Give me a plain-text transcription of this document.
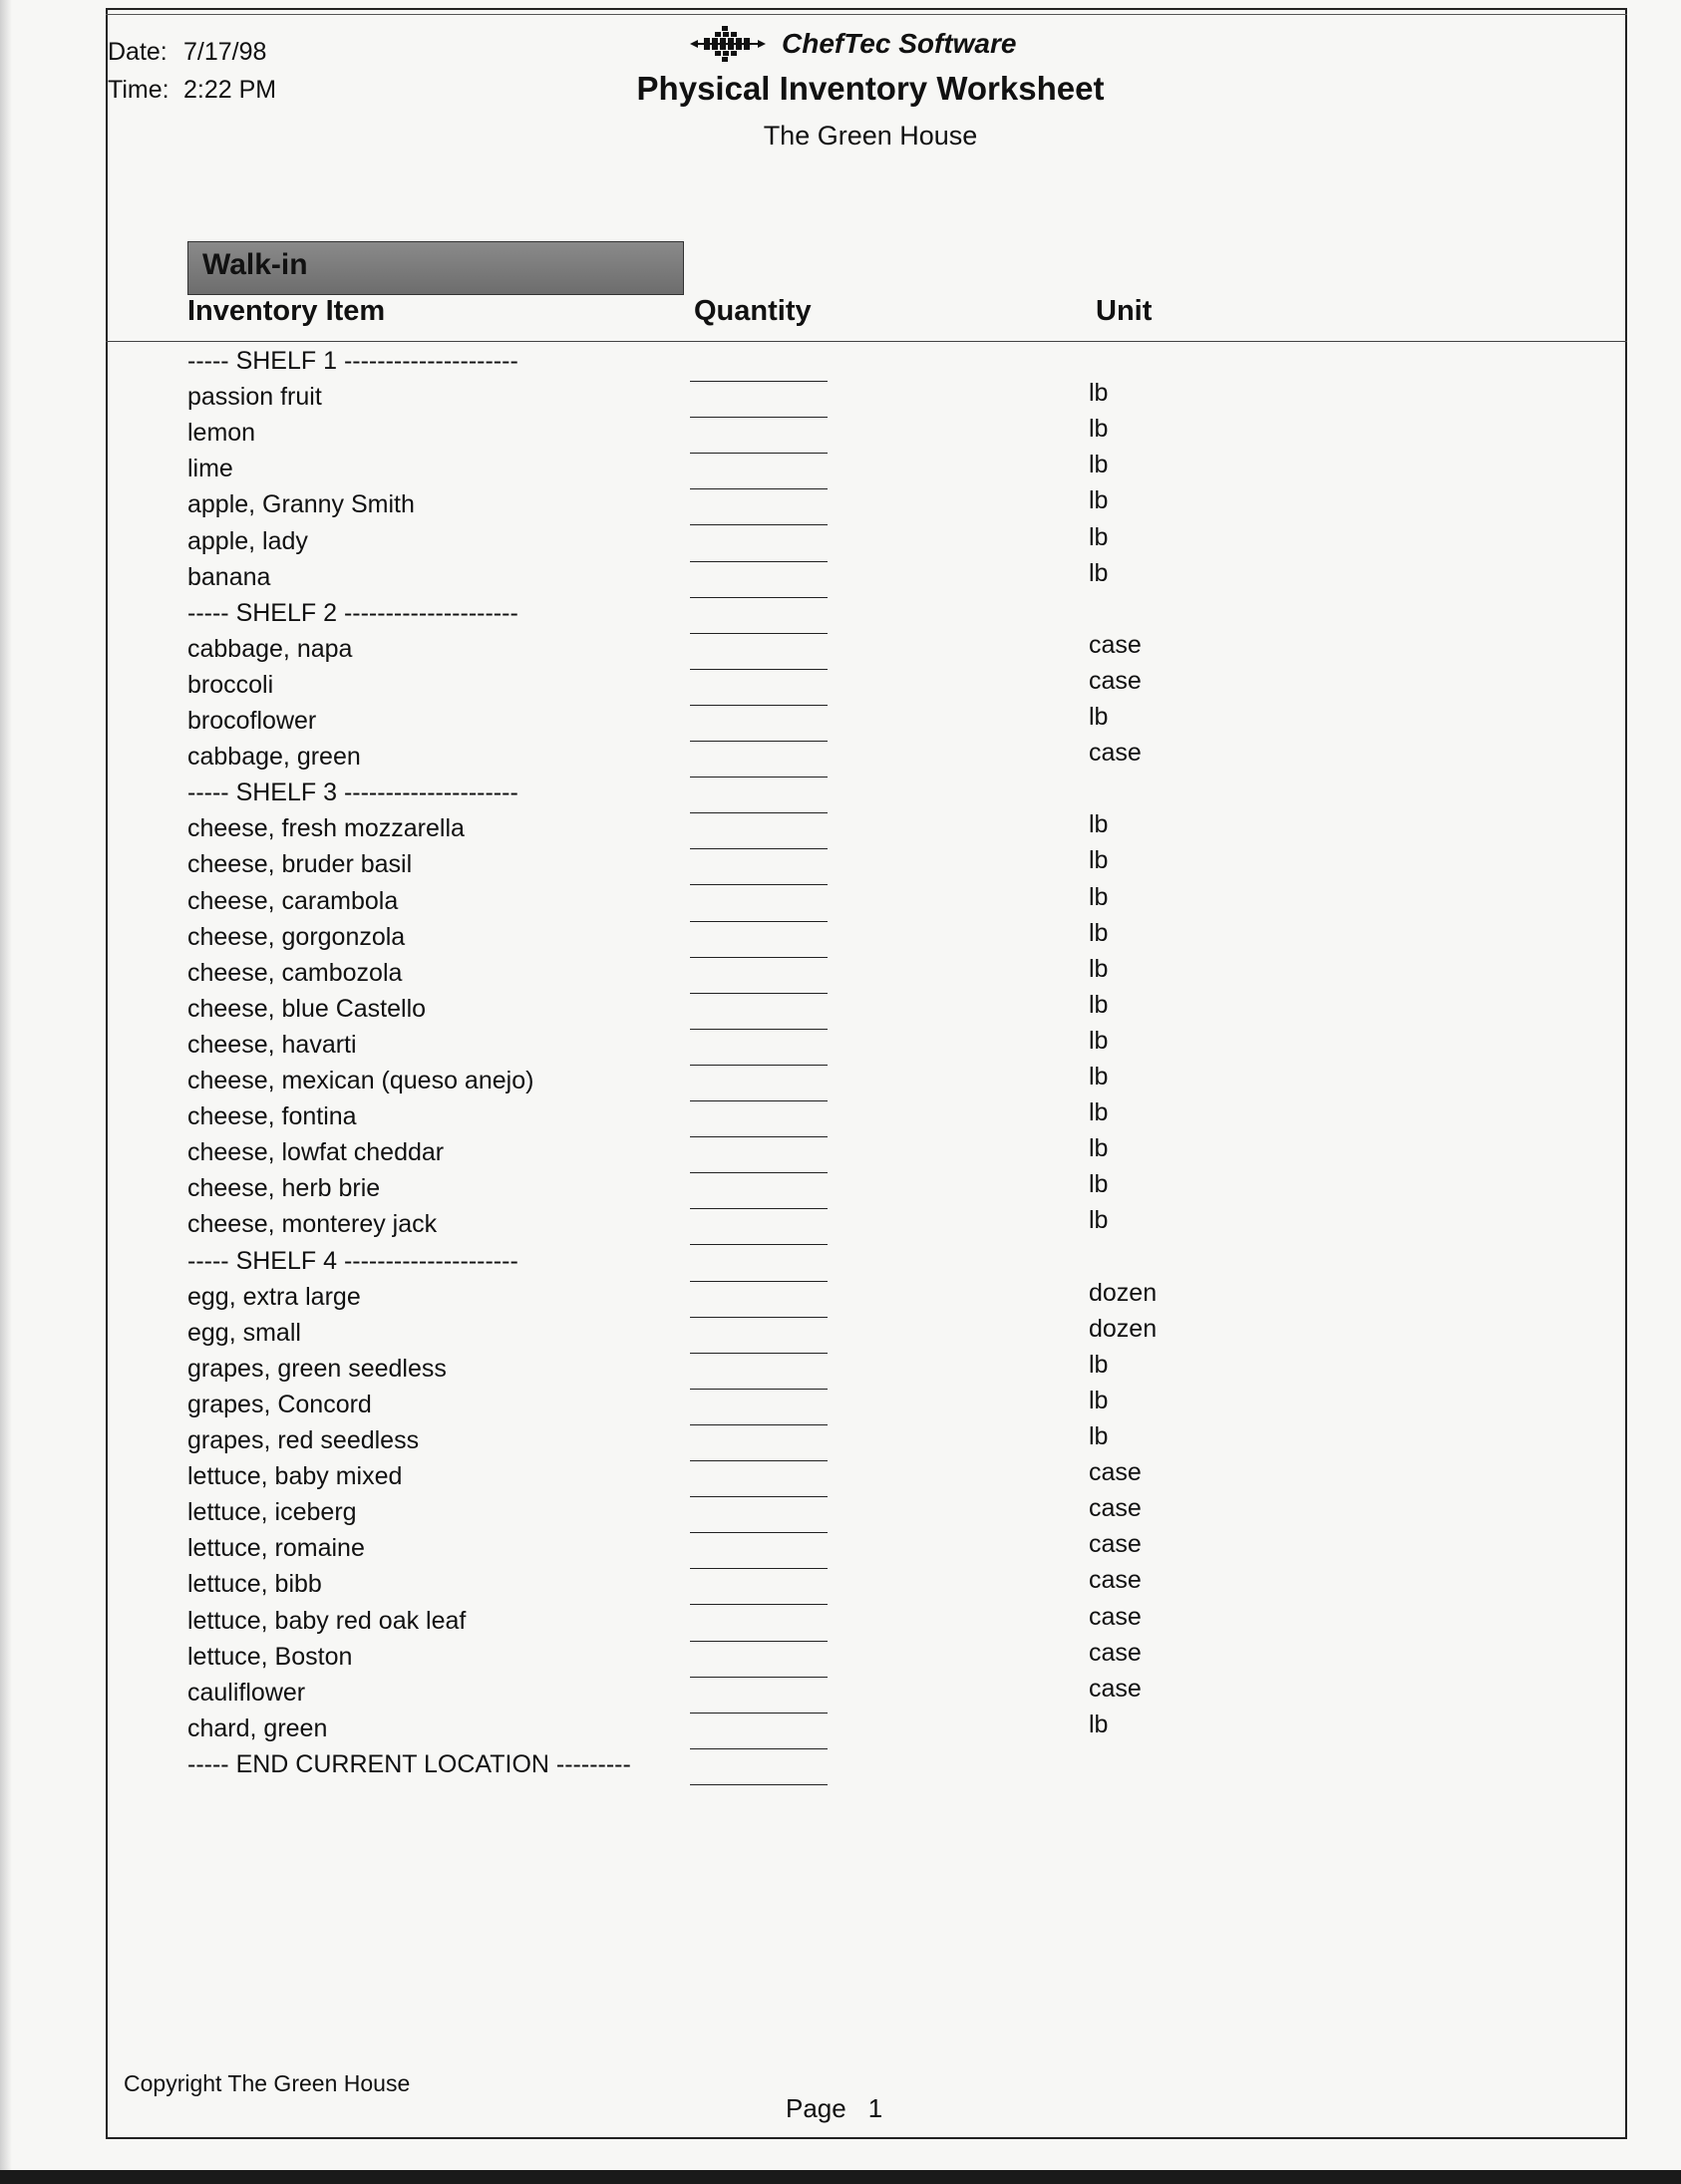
Date: 7/17/98
Time: 2:22 PM
ChefTec Software
Physical Inventory Worksheet
The Green House
Walk-in
Inventory Item	Quantity	Unit
----- SHELF 1 ---------------------
passion fruit	lb
lemon	lb
lime	lb
apple, Granny Smith	lb
apple, lady	lb
banana	lb
----- SHELF 2 ---------------------
cabbage, napa	case
broccoli	case
brocoflower	lb
cabbage, green	case
----- SHELF 3 ---------------------
cheese, fresh mozzarella	lb
cheese, bruder basil	lb
cheese, carambola	lb
cheese, gorgonzola	lb
cheese, cambozola	lb
cheese, blue Castello	lb
cheese, havarti	lb
cheese, mexican (queso anejo)	lb
cheese, fontina	lb
cheese, lowfat cheddar	lb
cheese, herb brie	lb
cheese, monterey jack	lb
----- SHELF 4 ---------------------
egg, extra large	dozen
egg, small	dozen
grapes, green seedless	lb
grapes, Concord	lb
grapes, red seedless	lb
lettuce, baby mixed	case
lettuce, iceberg	case
lettuce, romaine	case
lettuce, bibb	case
lettuce, baby red oak leaf	case
lettuce, Boston	case
cauliflower	case
chard, green	lb
----- END CURRENT LOCATION ---------
Copyright The Green House
Page 1
